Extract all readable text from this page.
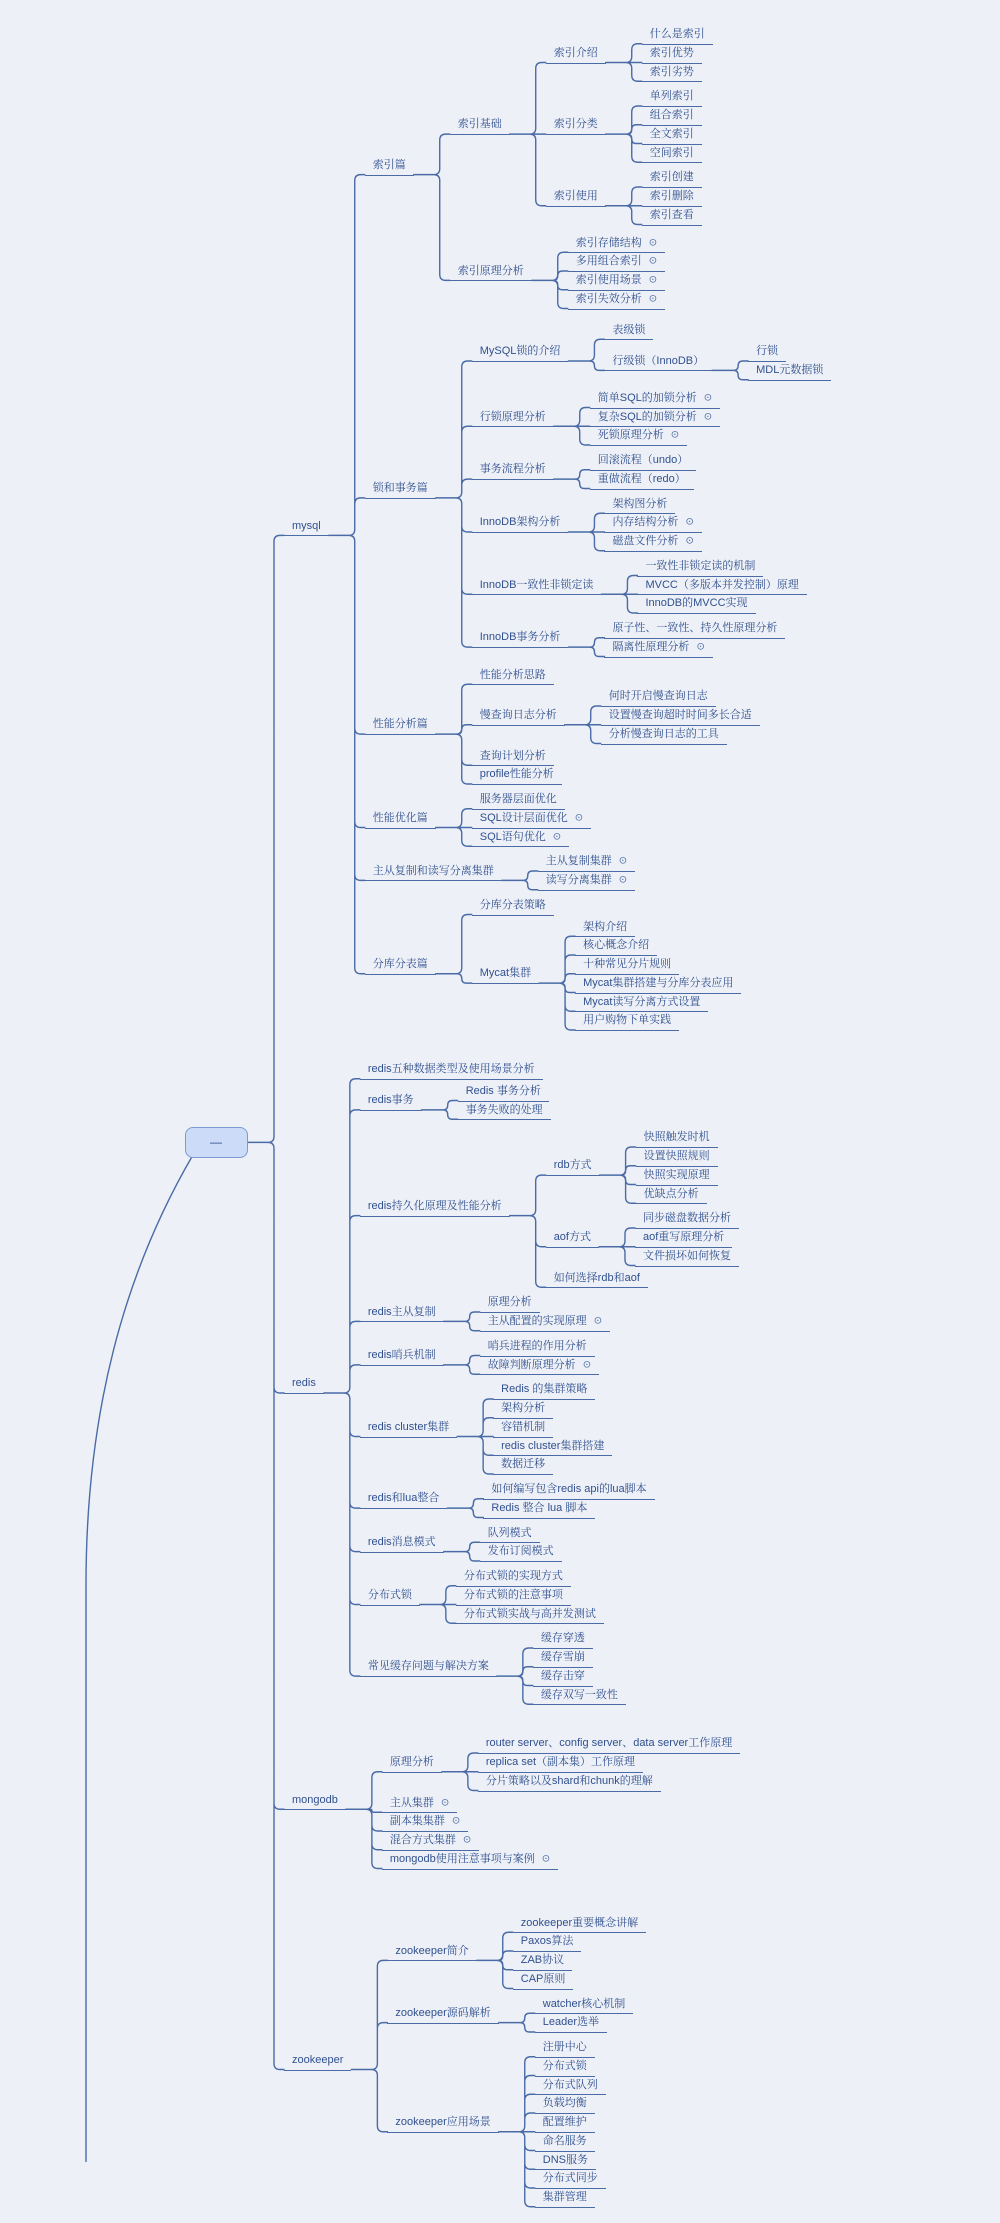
—
mysql
索引篇
索引基础
索引介绍
什么是索引
索引优势
索引劣势
索引分类
单列索引
组合索引
全文索引
空间索引
索引使用
索引创建
索引删除
索引查看
索引原理分析
索引存储结构 ⊙
多用组合索引 ⊙
索引使用场景 ⊙
索引失效分析 ⊙
锁和事务篇
MySQL锁的介绍
表级锁
行级锁（InnoDB）
行锁
MDL元数据锁
行锁原理分析
简单SQL的加锁分析 ⊙
复杂SQL的加锁分析 ⊙
死锁原理分析 ⊙
事务流程分析
回滚流程（undo）
重做流程（redo）
InnoDB架构分析
架构图分析
内存结构分析 ⊙
磁盘文件分析 ⊙
InnoDB一致性非锁定读
一致性非锁定读的机制
MVCC（多版本并发控制）原理
InnoDB的MVCC实现
InnoDB事务分析
原子性、一致性、持久性原理分析
隔离性原理分析 ⊙
性能分析篇
性能分析思路
慢查询日志分析
何时开启慢查询日志
设置慢查询超时时间多长合适
分析慢查询日志的工具
查询计划分析
profile性能分析
性能优化篇
服务器层面优化
SQL设计层面优化 ⊙
SQL语句优化 ⊙
主从复制和读写分离集群
主从复制集群 ⊙
读写分离集群 ⊙
分库分表篇
分库分表策略
Mycat集群
架构介绍
核心概念介绍
十种常见分片规则
Mycat集群搭建与分库分表应用
Mycat读写分离方式设置
用户购物下单实践
redis
redis五种数据类型及使用场景分析
redis事务
Redis 事务分析
事务失败的处理
redis持久化原理及性能分析
rdb方式
快照触发时机
设置快照规则
快照实现原理
优缺点分析
aof方式
同步磁盘数据分析
aof重写原理分析
文件损坏如何恢复
如何选择rdb和aof
redis主从复制
原理分析
主从配置的实现原理 ⊙
redis哨兵机制
哨兵进程的作用分析
故障判断原理分析 ⊙
redis cluster集群
Redis 的集群策略
架构分析
容错机制
redis cluster集群搭建
数据迁移
redis和lua整合
如何编写包含redis api的lua脚本
Redis 整合 lua 脚本
redis消息模式
队列模式
发布订阅模式
分布式锁
分布式锁的实现方式
分布式锁的注意事项
分布式锁实战与高并发测试
常见缓存问题与解决方案
缓存穿透
缓存雪崩
缓存击穿
缓存双写一致性
mongodb
原理分析
router server、config server、data server工作原理
replica set（副本集）工作原理
分片策略以及shard和chunk的理解
主从集群 ⊙
副本集集群 ⊙
混合方式集群 ⊙
mongodb使用注意事项与案例 ⊙
zookeeper
zookeeper简介
zookeeper重要概念讲解
Paxos算法
ZAB协议
CAP原则
zookeeper源码解析
watcher核心机制
Leader选举
zookeeper应用场景
注册中心
分布式锁
分布式队列
负载均衡
配置维护
命名服务
DNS服务
分布式同步
集群管理
